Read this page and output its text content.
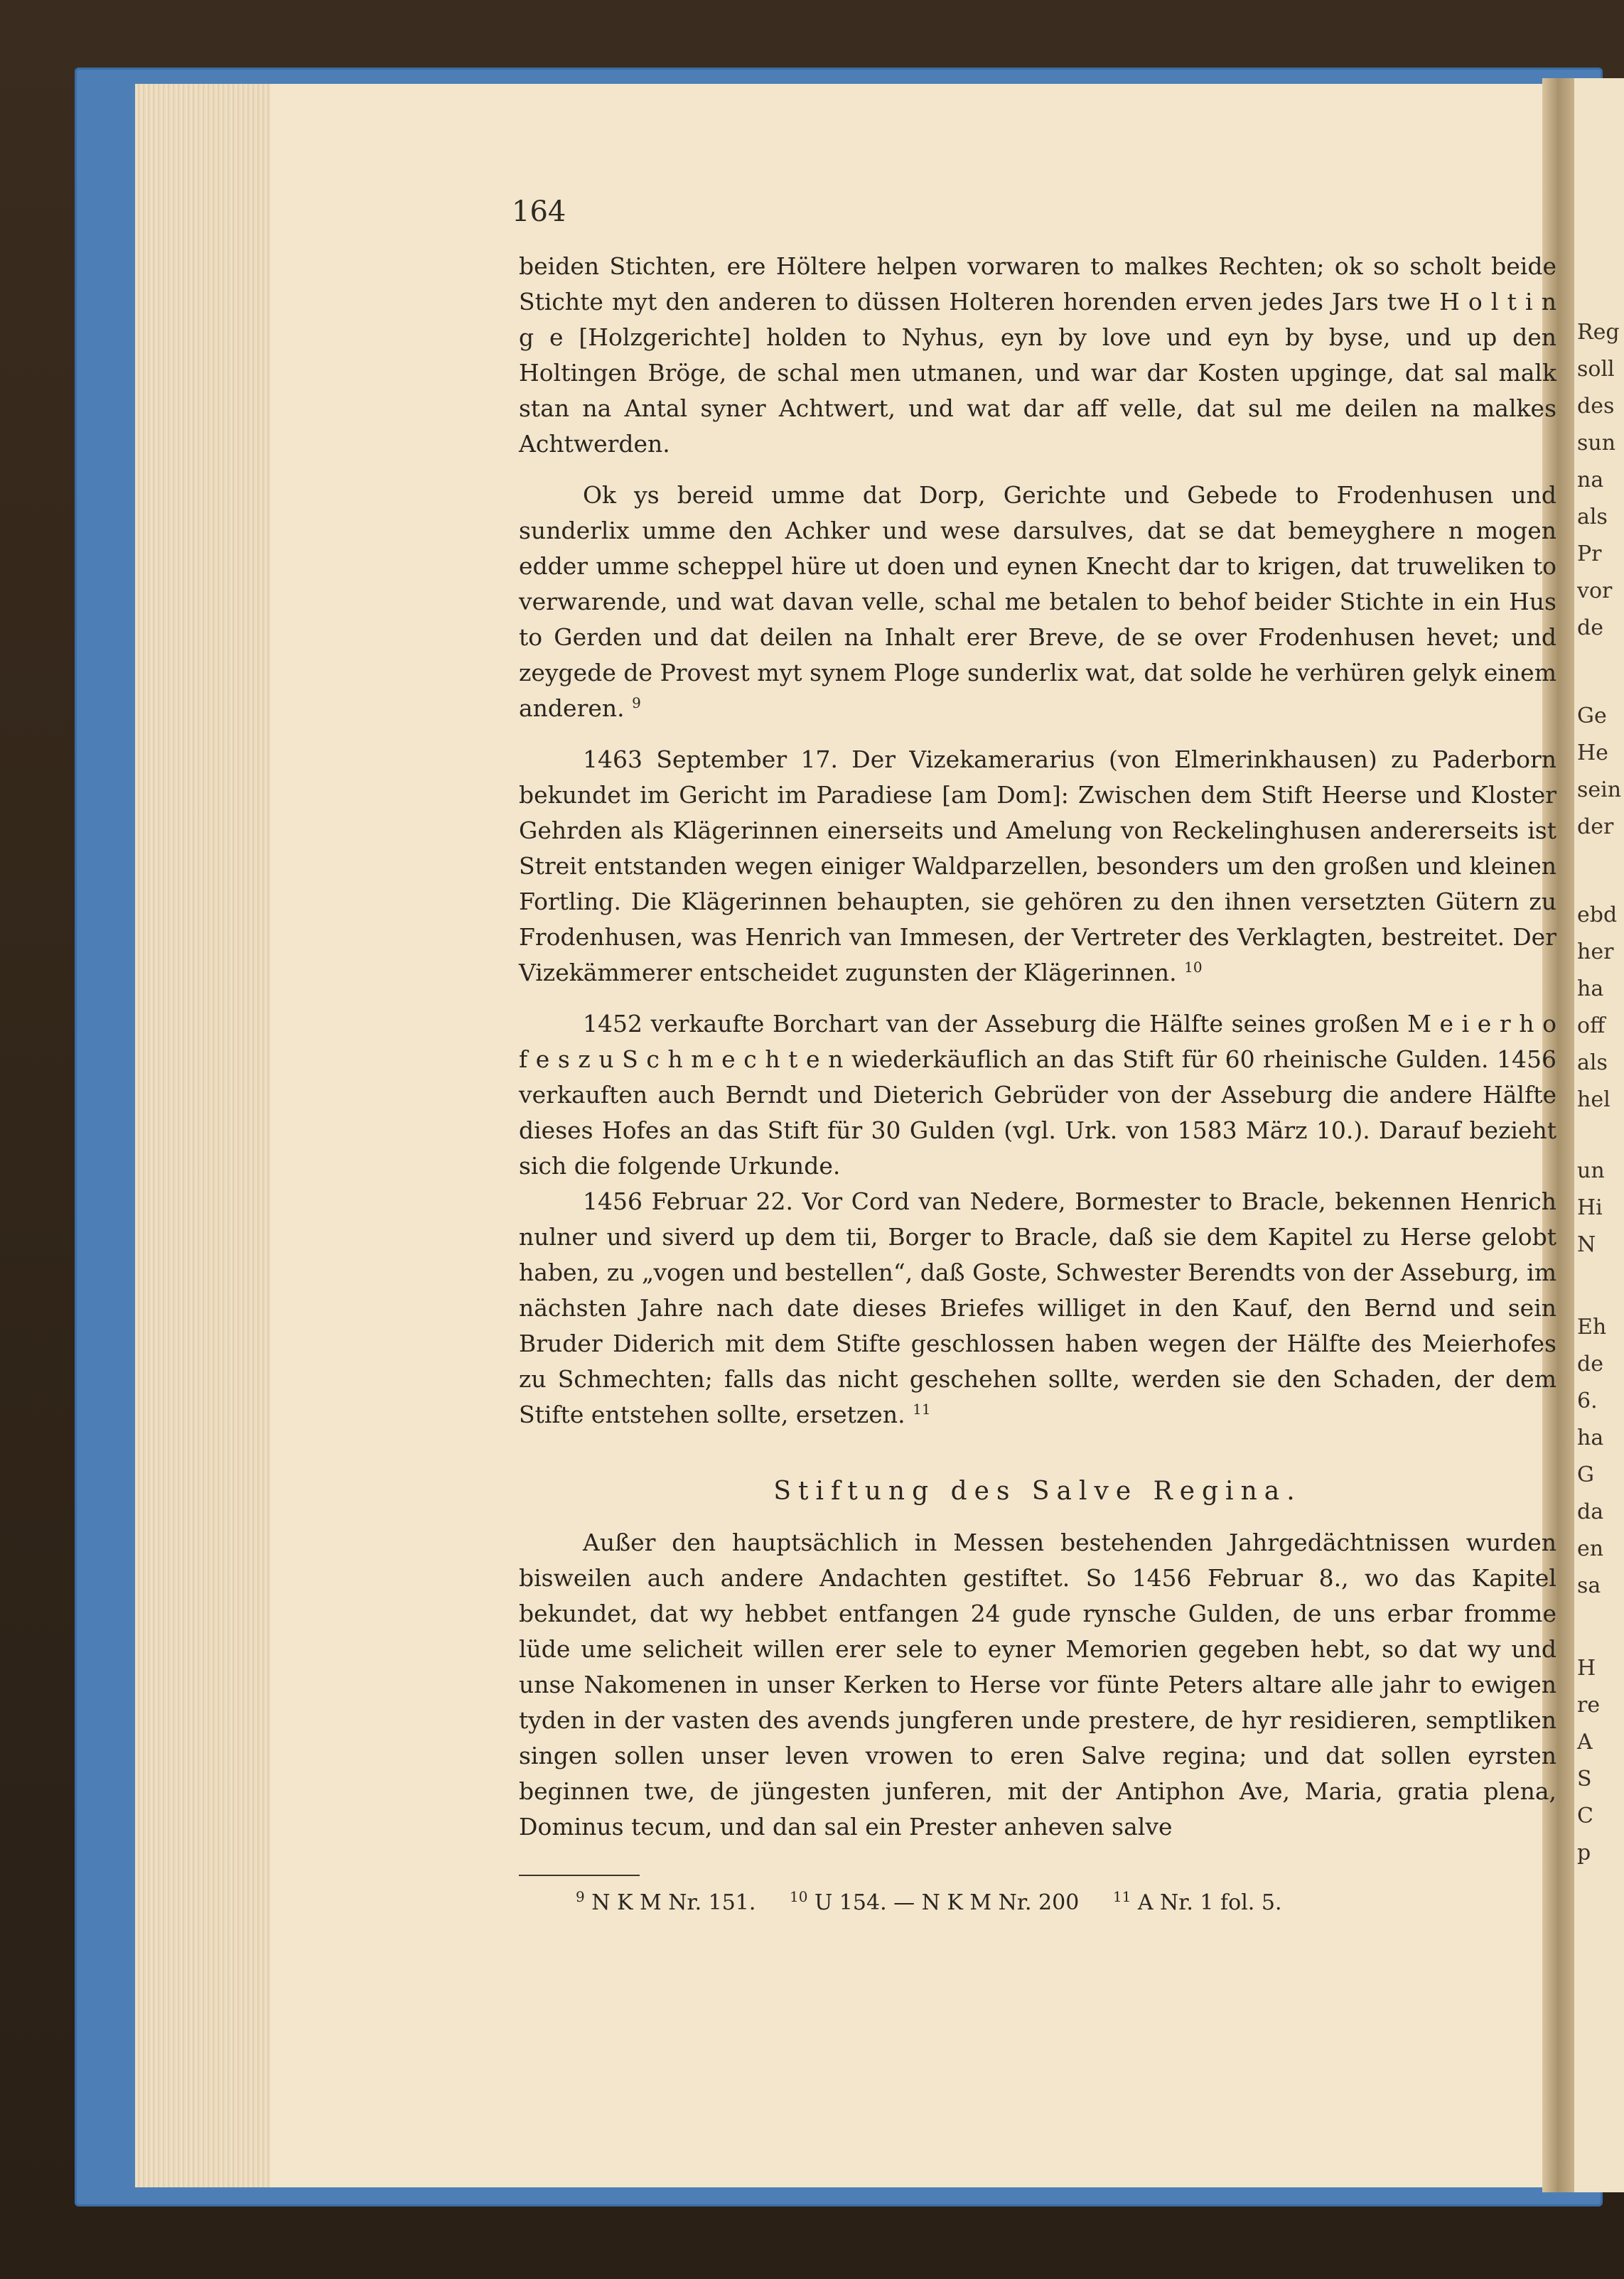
Reg
soll
des
sun
na
als
Pr
vor
de
Ge
He
sein
der
ebd
her
ha
off
als
hel
un
Hi
N
Eh
de
6.
ha
G
da
en
sa
H
re
A
S
C
p
164

beiden Stichten, ere Höltere helpen vorwaren to malkes Rechten; ok so scholt beide Stichte myt den anderen to düssen Holteren horenden erven jedes Jars twe H o l t i n g e [Holzgerichte] holden to Nyhus, eyn by love und eyn by byse, und up den Holtingen Bröge, de schal men utmanen, und war dar Kosten upginge, dat sal malk stan na Antal syner Achtwert, und wat dar aff velle, dat sul me deilen na malkes Achtwerden.

Ok ys bereid umme dat Dorp, Gerichte und Gebede to Frodenhusen und sunderlix umme den Achker und wese darsulves, dat se dat bemeyghere n mogen edder umme scheppel hüre ut doen und eynen Knecht dar to krigen, dat truweliken to verwarende, und wat davan velle, schal me betalen to behof beider Stichte in ein Hus to Gerden und dat deilen na Inhalt erer Breve, de se over Frodenhusen hevet; und zeygede de Provest myt synem Ploge sunderlix wat, dat solde he verhüren gelyk einem anderen. $^9$

1463 September 17. Der Vizekamerarius (von Elmerinkhausen) zu Paderborn bekundet im Gericht im Paradiese [am Dom]: Zwischen dem Stift Heerse und Kloster Gehrden als Klägerinnen einerseits und Amelung von Reckelinghusen andererseits ist Streit entstanden wegen einiger Waldparzellen, besonders um den großen und kleinen Fortling. Die Klägerinnen behaupten, sie gehören zu den ihnen versetzten Gütern zu Frodenhusen, was Henrich van Immesen, der Vertreter des Verklagten, bestreitet. Der Vizekämmerer entscheidet zugunsten der Klägerinnen. $^{10}$

1452 verkaufte Borchart van der Asseburg die Hälfte seines großen M e i e r h o f e s z u S c h m e c h t e n wiederkäuflich an das Stift für 60 rheinische Gulden. 1456 verkauften auch Berndt und Dieterich Gebrüder von der Asseburg die andere Hälfte dieses Hofes an das Stift für 30 Gulden (vgl. Urk. von 1583 März 10.). Darauf bezieht sich die folgende Urkunde.

1456 Februar 22. Vor Cord van Nedere, Bormester to Bracle, bekennen Henrich nulner und siverd up dem tii, Borger to Bracle, daß sie dem Kapitel zu Herse gelobt haben, zu „vogen und bestellen“, daß Goste, Schwester Berendts von der Asseburg, im nächsten Jahre nach date dieses Briefes williget in den Kauf, den Bernd und sein Bruder Diderich mit dem Stifte geschlossen haben wegen der Hälfte des Meierhofes zu Schmechten; falls das nicht geschehen sollte, werden sie den Schaden, der dem Stifte entstehen sollte, ersetzen. $^{11}$

Stiftung des Salve Regina.

Außer den hauptsächlich in Messen bestehenden Jahrgedächtnissen wurden bisweilen auch andere Andachten gestiftet. So 1456 Februar 8., wo das Kapitel bekundet, dat wy hebbet entfangen 24 gude rynsche Gulden, de uns erbar fromme lüde ume selicheit willen erer sele to eyner Memorien gegeben hebt, so dat wy und unse Nakomenen in unser Kerken to Herse vor fünte Peters altare alle jahr to ewigen tyden in der vasten des avends jungferen unde prestere, de hyr residieren, semptliken singen sollen unser leven vrowen to eren Salve regina; und dat sollen eyrsten beginnen twe, de jüngesten junferen, mit der Antiphon Ave, Maria, gratia plena, Dominus tecum, und dan sal ein Prester anheven salve

$^9$ N K M Nr. 151. $^{10}$ U 154. — N K M Nr. 200 $^{11}$ A Nr. 1 fol. 5.
